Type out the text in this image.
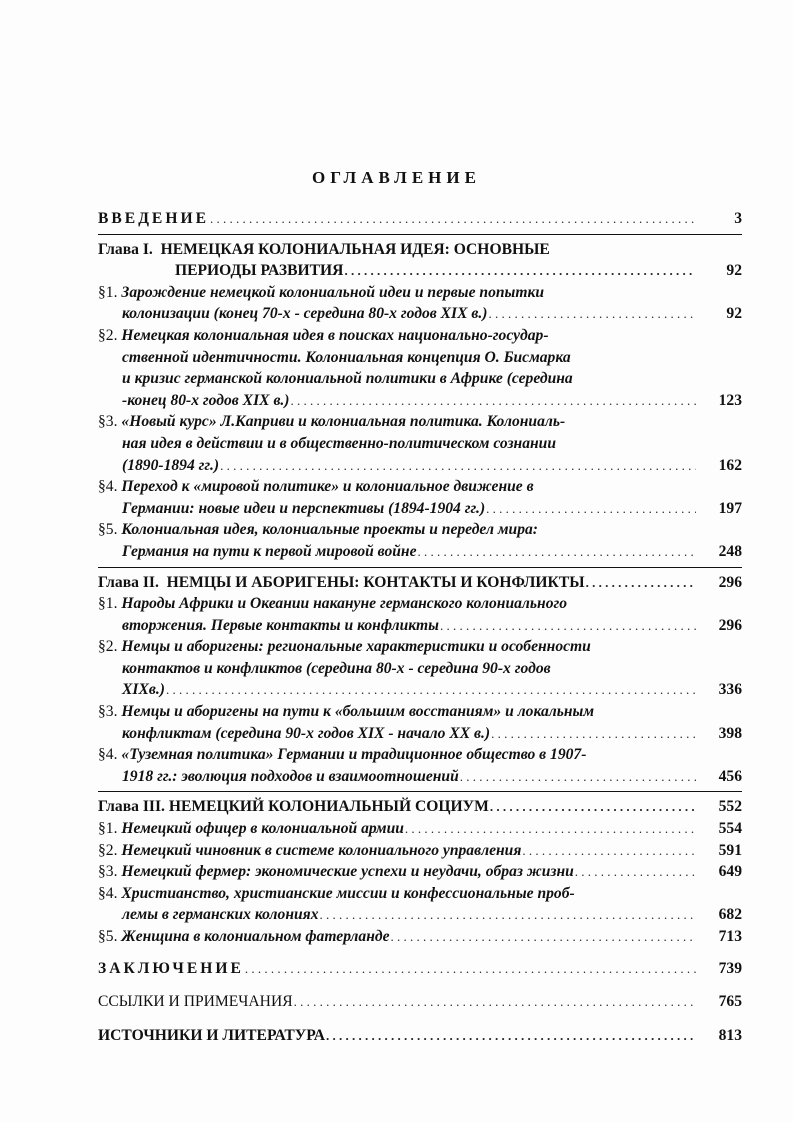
ОГЛАВЛЕНИЕ
ВВЕДЕНИЕ . . .	3
Глава I.
НЕМЕЦКАЯ КОЛОНИАЛЬНАЯ ИДЕЯ: ОСНОВНЫЕ
ПЕРИОДЫ РАЗВИТИЯ . . .	92
§1.
Зарождение немецкой колониальной идеи и первые попытки
колонизации (конец 70-х - середина 80-х годов XIX в.) . . .	92
§2.
Немецкая колониальная идея в поисках национально-государ-
ственной идентичности. Колониальная концепция О. Бисмарка
и кризис германской колониальной политики в Африке (середина
-конец 80-х годов XIX в.) . . .	123
§3.
«Новый курс» Л.Каприви и колониальная политика. Колониаль-
ная идея в действии и в общественно-политическом сознании
(1890-1894 гг.) . . .	162
§4.
Переход к «мировой политике» и колониальное движение в
Германии: новые идеи и перспективы (1894-1904 гг.) . . .	197
§5.
Колониальная идея, колониальные проекты и передел мира:
Германия на пути к первой мировой войне . . .	248
Глава II.
НЕМЦЫ И АБОРИГЕНЫ: КОНТАКТЫ И КОНФЛИКТЫ . . .	296
§1.
Народы Африки и Океании накануне германского колониального
вторжения. Первые контакты и конфликты . . .	296
§2.
Немцы и аборигены: региональные характеристики и особенности
контактов и конфликтов (середина 80-х - середина 90-х годов
XIXв.) . . .	336
§3.
Немцы и аборигены на пути к «большим восстаниям» и локальным
конфликтам (середина 90-х годов XIX - начало XX в.) . . .	398
§4.
«Туземная политика» Германии и традиционное общество в 1907-
1918 гг.: эволюция подходов и взаимоотношений . . .	456
Глава III.
НЕМЕЦКИЙ КОЛОНИАЛЬНЫЙ СОЦИУМ . . .	552
§1.
Немецкий офицер в колониальной армии . . .	554
§2.
Немецкий чиновник в системе колониального управления . . .	591
§3.
Немецкий фермер: экономические успехи и неудачи, образ жизни . . .	649
§4.
Христианство, христианские миссии и конфессиональные проб-
лемы в германских колониях . . .	682
§5.
Женщина в колониальном фатерланде . . .	713
ЗАКЛЮЧЕНИЕ . . .	739
ССЫЛКИ И ПРИМЕЧАНИЯ . . .	765
ИСТОЧНИКИ И ЛИТЕРАТУРА . . .	813
